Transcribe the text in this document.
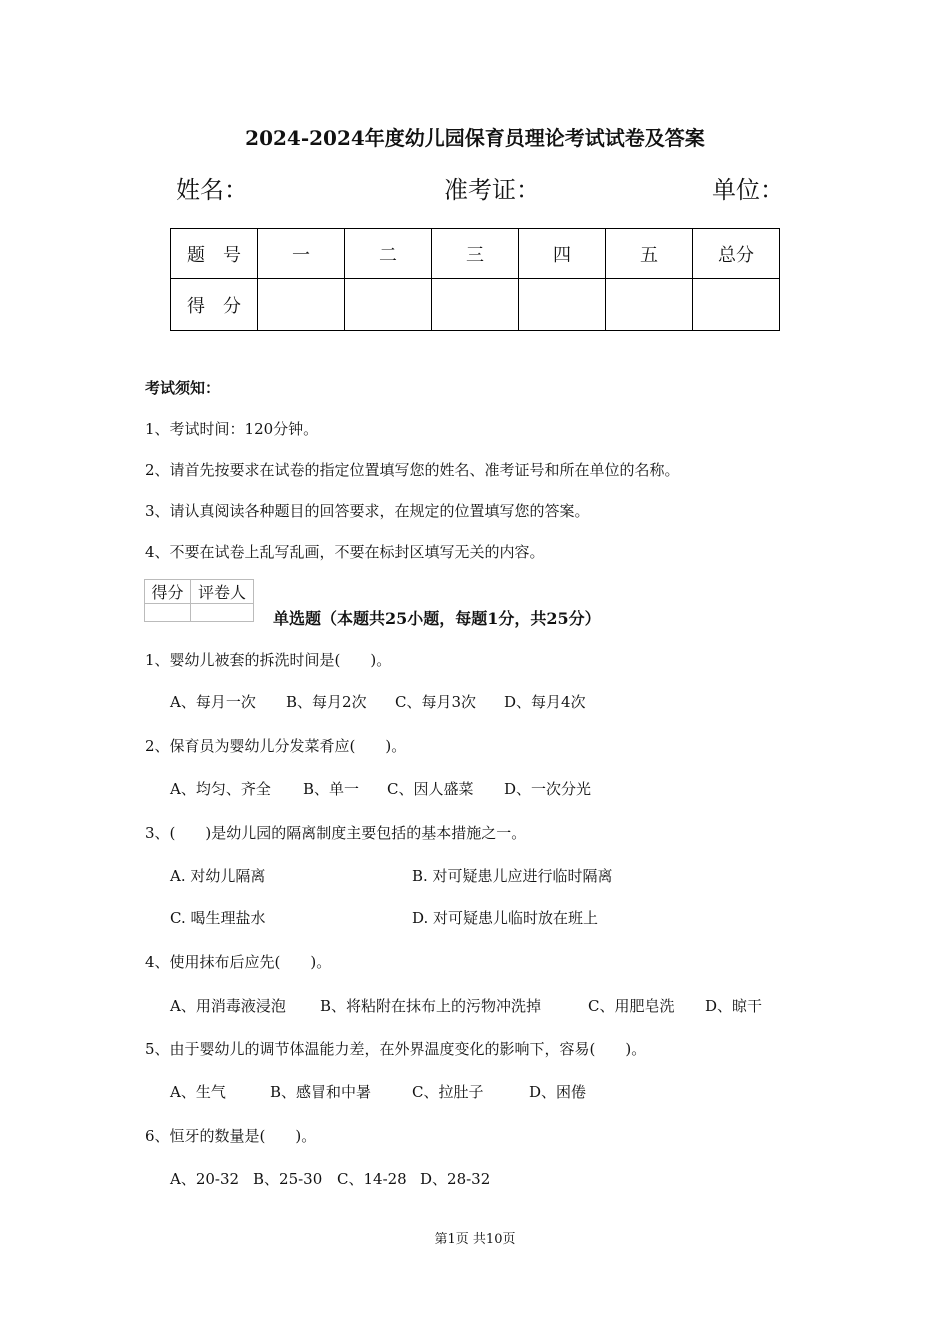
2024-2024年度幼儿园保育员理论考试试卷及答案
姓名：	准考证：	单位：
题　号	一	二	三	四	五	总分
得　分						
考试须知：
1、考试时间：120分钟。
2、请首先按要求在试卷的指定位置填写您的姓名、准考证号和所在单位的名称。
3、请认真阅读各种题目的回答要求，在规定的位置填写您的答案。
4、不要在试卷上乱写乱画，不要在标封区填写无关的内容。
得分	评卷人

单选题（本题共25小题，每题1分，共25分）
1、婴幼儿被套的拆洗时间是(　　)。
A、每月一次 B、每月2次 C、每月3次 D、每月4次
2、保育员为婴幼儿分发菜肴应(　　)。
A、均匀、齐全 B、单一 C、因人盛菜 D、一次分光
3、(　　)是幼儿园的隔离制度主要包括的基本措施之一。
A. 对幼儿隔离	B. 对可疑患儿应进行临时隔离
C. 喝生理盐水	D. 对可疑患儿临时放在班上
4、使用抹布后应先(　　)。
A、用消毒液浸泡 B、将粘附在抹布上的污物冲洗掉	C、用肥皂洗 D、晾干
5、由于婴幼儿的调节体温能力差，在外界温度变化的影响下，容易(　　)。
A、生气	B、感冒和中暑	C、拉肚子	D、困倦
6、恒牙的数量是(　　)。
A、20-32 B、25-30 C、14-28 D、28-32
第1页 共10页
